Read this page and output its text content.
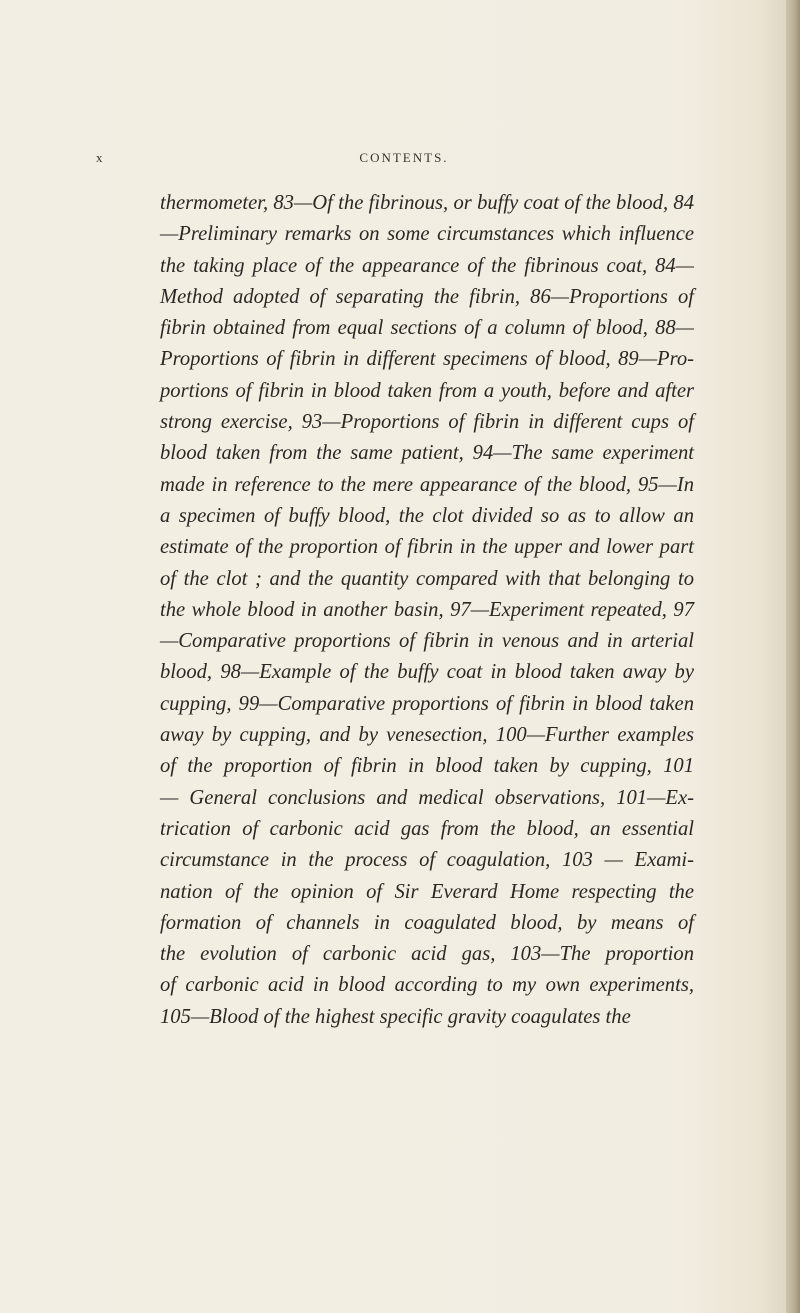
x	CONTENTS.

thermometer, 83—Of the fibrinous, or buffy coat of the blood, 84
—Preliminary remarks on some circumstances which influence
the taking place of the appearance of the fibrinous coat, 84—
Method adopted of separating the fibrin, 86—Proportions of
fibrin obtained from equal sections of a column of blood, 88—
Proportions of fibrin in different specimens of blood, 89—Pro-
portions of fibrin in blood taken from a youth, before and after
strong exercise, 93—Proportions of fibrin in different cups of
blood taken from the same patient, 94—The same experiment
made in reference to the mere appearance of the blood, 95—In
a specimen of buffy blood, the clot divided so as to allow an
estimate of the proportion of fibrin in the upper and lower part
of the clot ; and the quantity compared with that belonging to
the whole blood in another basin, 97—Experiment repeated, 97
—Comparative proportions of fibrin in venous and in arterial
blood, 98—Example of the buffy coat in blood taken away by
cupping, 99—Comparative proportions of fibrin in blood taken
away by cupping, and by venesection, 100—Further examples
of the proportion of fibrin in blood taken by cupping, 101
— General conclusions and medical observations, 101—Ex-
trication of carbonic acid gas from the blood, an essential
circumstance in the process of coagulation, 103 — Exami-
nation of the opinion of Sir Everard Home respecting the
formation of channels in coagulated blood, by means of
the evolution of carbonic acid gas, 103—The proportion
of carbonic acid in blood according to my own experiments,
105—Blood of the highest specific gravity coagulates the
